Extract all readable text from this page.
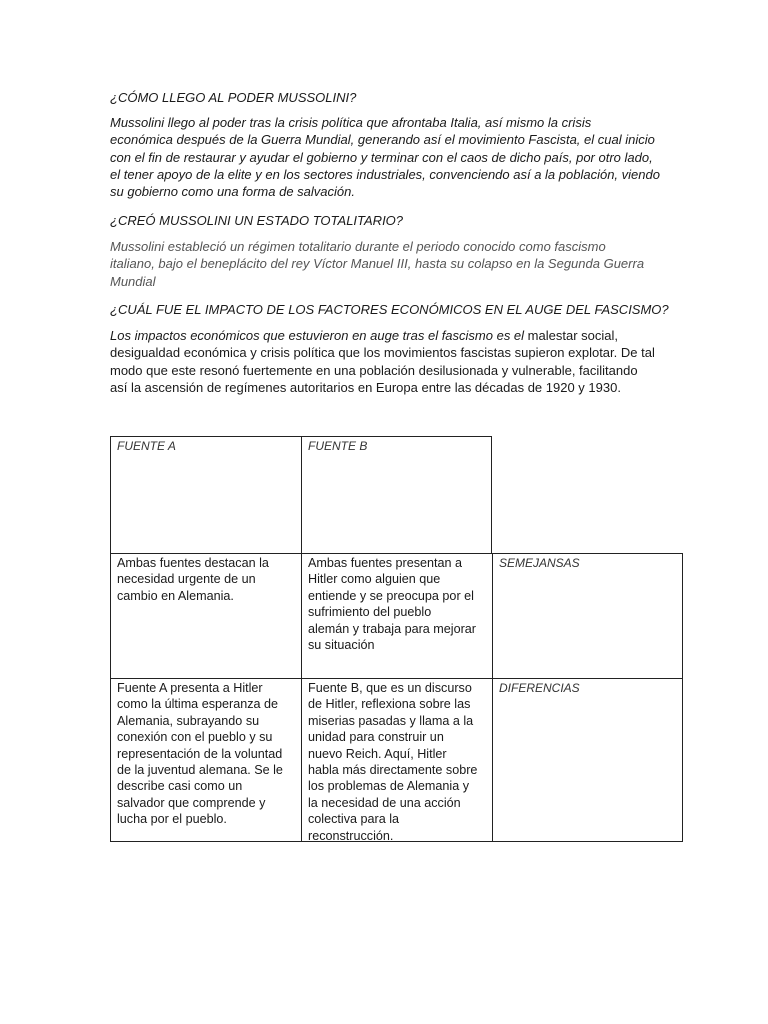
¿CÓMO LLEGO AL PODER MUSSOLINI?

Mussolini llego al poder tras la crisis política que afrontaba Italia, así mismo la crisis
económica después de la Guerra Mundial, generando así el movimiento Fascista, el cual inicio
con el fin de restaurar y ayudar el gobierno y terminar con el caos de dicho país, por otro lado,
el tener apoyo de la elite y en los sectores industriales, convenciendo así a la población, viendo
su gobierno como una forma de salvación.

¿CREÓ MUSSOLINI UN ESTADO TOTALITARIO?

Mussolini estableció un régimen totalitario durante el periodo conocido como fascismo
italiano, bajo el beneplácito del rey Víctor Manuel III, hasta su colapso en la Segunda Guerra
Mundial

¿CUÁL FUE EL IMPACTO DE LOS FACTORES ECONÓMICOS EN EL AUGE DEL FASCISMO?

Los impactos económicos que estuvieron en auge tras el fascismo es el malestar social,
desigualdad económica y crisis política que los movimientos fascistas supieron explotar. De tal
modo que este resonó fuertemente en una población desilusionada y vulnerable, facilitando
así la ascensión de regímenes autoritarios en Europa entre las décadas de 1920 y 1930.
FUENTE A	FUENTE B
Ambas fuentes destacan la
necesidad urgente de un
cambio en Alemania.
Ambas fuentes presentan a
Hitler como alguien que
entiende y se preocupa por el
sufrimiento del pueblo
alemán y trabaja para mejorar
su situación
SEMEJANSAS
Fuente A presenta a Hitler
como la última esperanza de
Alemania, subrayando su
conexión con el pueblo y su
representación de la voluntad
de la juventud alemana. Se le
describe casi como un
salvador que comprende y
lucha por el pueblo.
Fuente B, que es un discurso
de Hitler, reflexiona sobre las
miserias pasadas y llama a la
unidad para construir un
nuevo Reich. Aquí, Hitler
habla más directamente sobre
los problemas de Alemania y
la necesidad de una acción
colectiva para la
reconstrucción.
DIFERENCIAS
